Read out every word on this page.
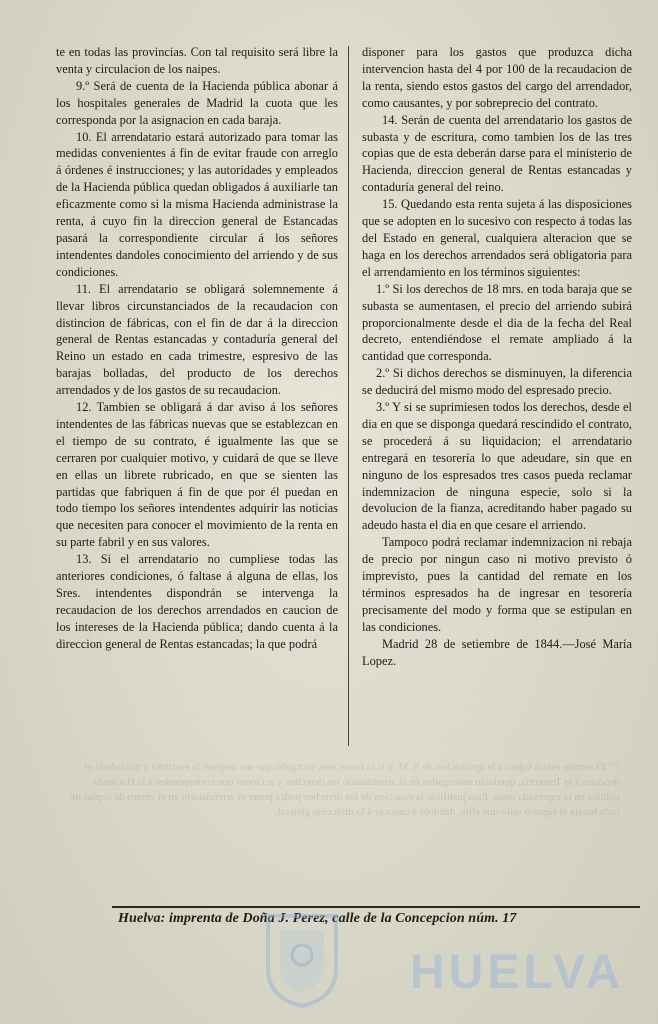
7.º El remate estará sujeto á la aprobacion de S. M. y si la mereciese, otorgado que sea despues la escritura y trasladado el depósito á la Tesorería, quedarán subrogados en el arrendatario los derechos y acciones que corresponden á la Hacienda pública en la espresada renta. Para justificar la exaccion de los derechos podrá poner el arrendatario en el centro de copias de cada baraja el signo ó sello que elija, dándolo á conocer á la direccion general.

te en todas las provincias. Con tal requisito será libre la venta y circulacion de los naipes.

9.º Será de cuenta de la Hacienda pública abonar á los hospitales generales de Madrid la cuota que les corresponda por la asignacion en cada baraja.

10. El arrendatario estará autorizado para tomar las medidas convenientes á fin de evitar fraude con arreglo á órdenes é instrucciones; y las autoridades y empleados de la Hacienda pública quedan obligados á auxiliarle tan eficazmente como si la misma Hacienda administrase la renta, á cuyo fin la direccion general de Estancadas pasará la correspondiente circular á los señores intendentes dandoles conocimiento del arriendo y de sus condiciones.

11. El arrendatario se obligará solemnemente á llevar libros circunstanciados de la recaudacion con distincion de fábricas, con el fin de dar á la direccion general de Rentas estancadas y contaduría general del Reino un estado en cada trimestre, espresivo de las barajas bolladas, del producto de los derechos arrendados y de los gastos de su recaudacion.

12. Tambien se obligará á dar aviso á los señores intendentes de las fábricas nuevas que se establezcan en el tiempo de su contrato, é igualmente las que se cerraren por cualquier motivo, y cuidará de que se lleve en ellas un librete rubricado, en que se sienten las partidas que fabriquen á fin de que por él puedan en todo tiempo los señores intendentes adquirir las noticias que necesiten para conocer el movimiento de la renta en su parte fabril y en sus valores.

13. Si el arrendatario no cumpliese todas las anteriores condiciones, ó faltase á alguna de ellas, los Sres. intendentes dispondrán se intervenga la recaudacion de los derechos arrendados en caucion de los intereses de la Hacienda pública; dando cuenta á la direccion general de Rentas estancadas; la que podrá

disponer para los gastos que produzca dicha intervencion hasta del 4 por 100 de la recaudacion de la renta, siendo estos gastos del cargo del arrendador, como causantes, y por sobreprecio del contrato.

14. Serán de cuenta del arrendatario los gastos de subasta y de escritura, como tambien los de las tres copias que de esta deberán darse para el ministerio de Hacienda, direccion general de Rentas estancadas y contaduría general del reino.

15. Quedando esta renta sujeta á las disposiciones que se adopten en lo sucesivo con respecto á todas las del Estado en general, cualquiera alteracion que se haga en los derechos arrendados será obligatoria para el arrendamiento en los términos siguientes:

1.º Si los derechos de 18 mrs. en toda baraja que se subasta se aumentasen, el precio del arriendo subirá proporcionalmente desde el dia de la fecha del Real decreto, entendiéndose el remate ampliado á la cantidad que corresponda.

2.º Si dichos derechos se disminuyen, la diferencia se deducirá del mismo modo del espresado precio.

3.º Y si se suprimiesen todos los derechos, desde el dia en que se disponga quedará rescindido el contrato, se procederá á su liquidacion; el arrendatario entregará en tesorería lo que adeudare, sin que en ninguno de los espresados tres casos pueda reclamar indemnizacion de ninguna especie, solo si la devolucion de la fianza, acreditando haber pagado su adeudo hasta el dia en que cesare el arriendo.

Tampoco podrá reclamar indemnizacion ni rebaja de precio por ningun caso ni motivo previsto ó imprevisto, pues la cantidad del remate en los términos espresados ha de ingresar en tesorería precisamente del modo y forma que se estipulan en las condiciones.

Madrid 28 de setiembre de 1844.—José María Lopez.

Huelva: imprenta de Doña J. Perez, calle de la Concepcion núm. 17
HUELVA
